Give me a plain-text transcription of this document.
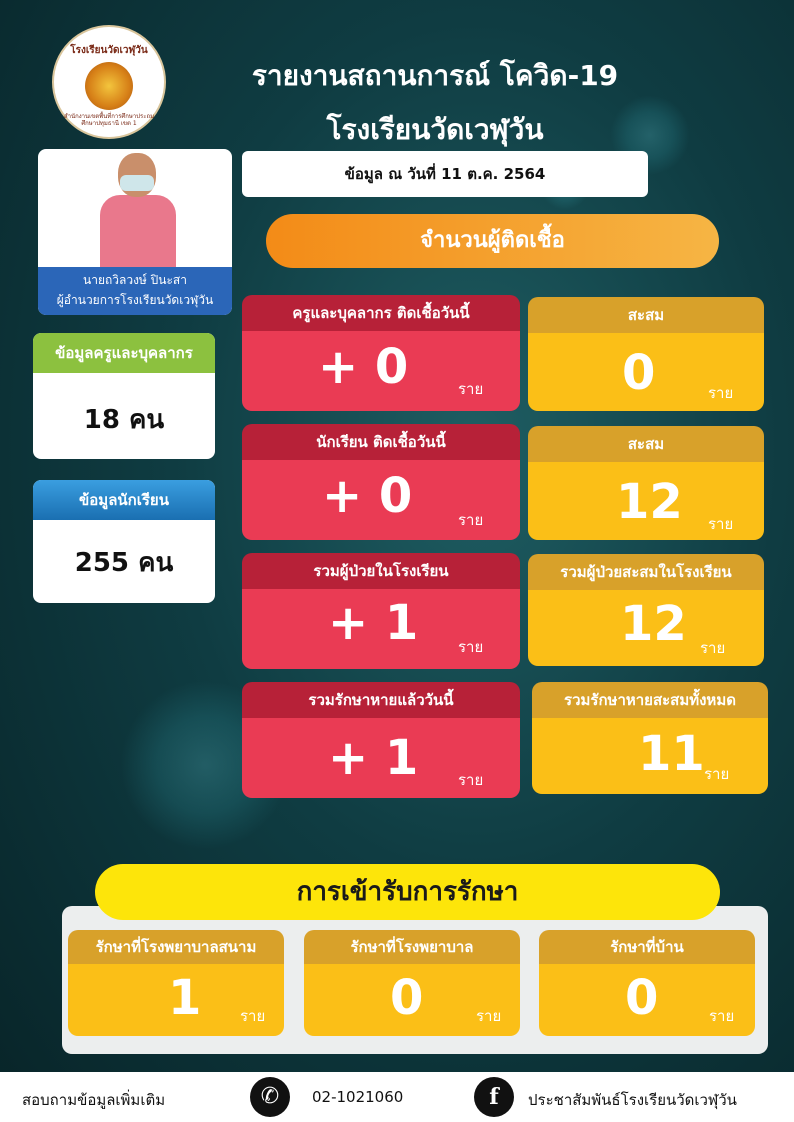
โรงเรียนวัดเวฬุวัน
สำนักงานเขตพื้นที่การศึกษาประถมศึกษาปทุมธานี เขต 1
รายงานสถานการณ์ โควิด-19
โรงเรียนวัดเวฬุวัน
นายถวิลวงษ์ ปินะสา
ผู้อำนวยการโรงเรียนวัดเวฬุวัน
ข้อมูล ณ วันที่ 11 ต.ค. 2564
จำนวนผู้ติดเชื้อ
ข้อมูลครูและบุคลากร
18 คน
ข้อมูลนักเรียน
255 คน
ครูและบุคลากร ติดเชื้อวันนี้
+ 0	ราย
สะสม
0	ราย
นักเรียน ติดเชื้อวันนี้
+ 0	ราย
สะสม
12 ราย
รวมผู้ป่วยในโรงเรียน
+ 1	ราย
รวมผู้ป่วยสะสมในโรงเรียน
12 ราย
รวมรักษาหายแล้ววันนี้
+ 1	ราย
รวมรักษาหายสะสมทั้งหมด
11 ราย
การเข้ารับการรักษา
รักษาที่โรงพยาบาลสนาม
1	ราย
รักษาที่โรงพยาบาล
0	ราย
รักษาที่บ้าน
0	ราย
สอบถามข้อมูลเพิ่มเติม	✆	02-1021060	f	ประชาสัมพันธ์โรงเรียนวัดเวฬุวัน
